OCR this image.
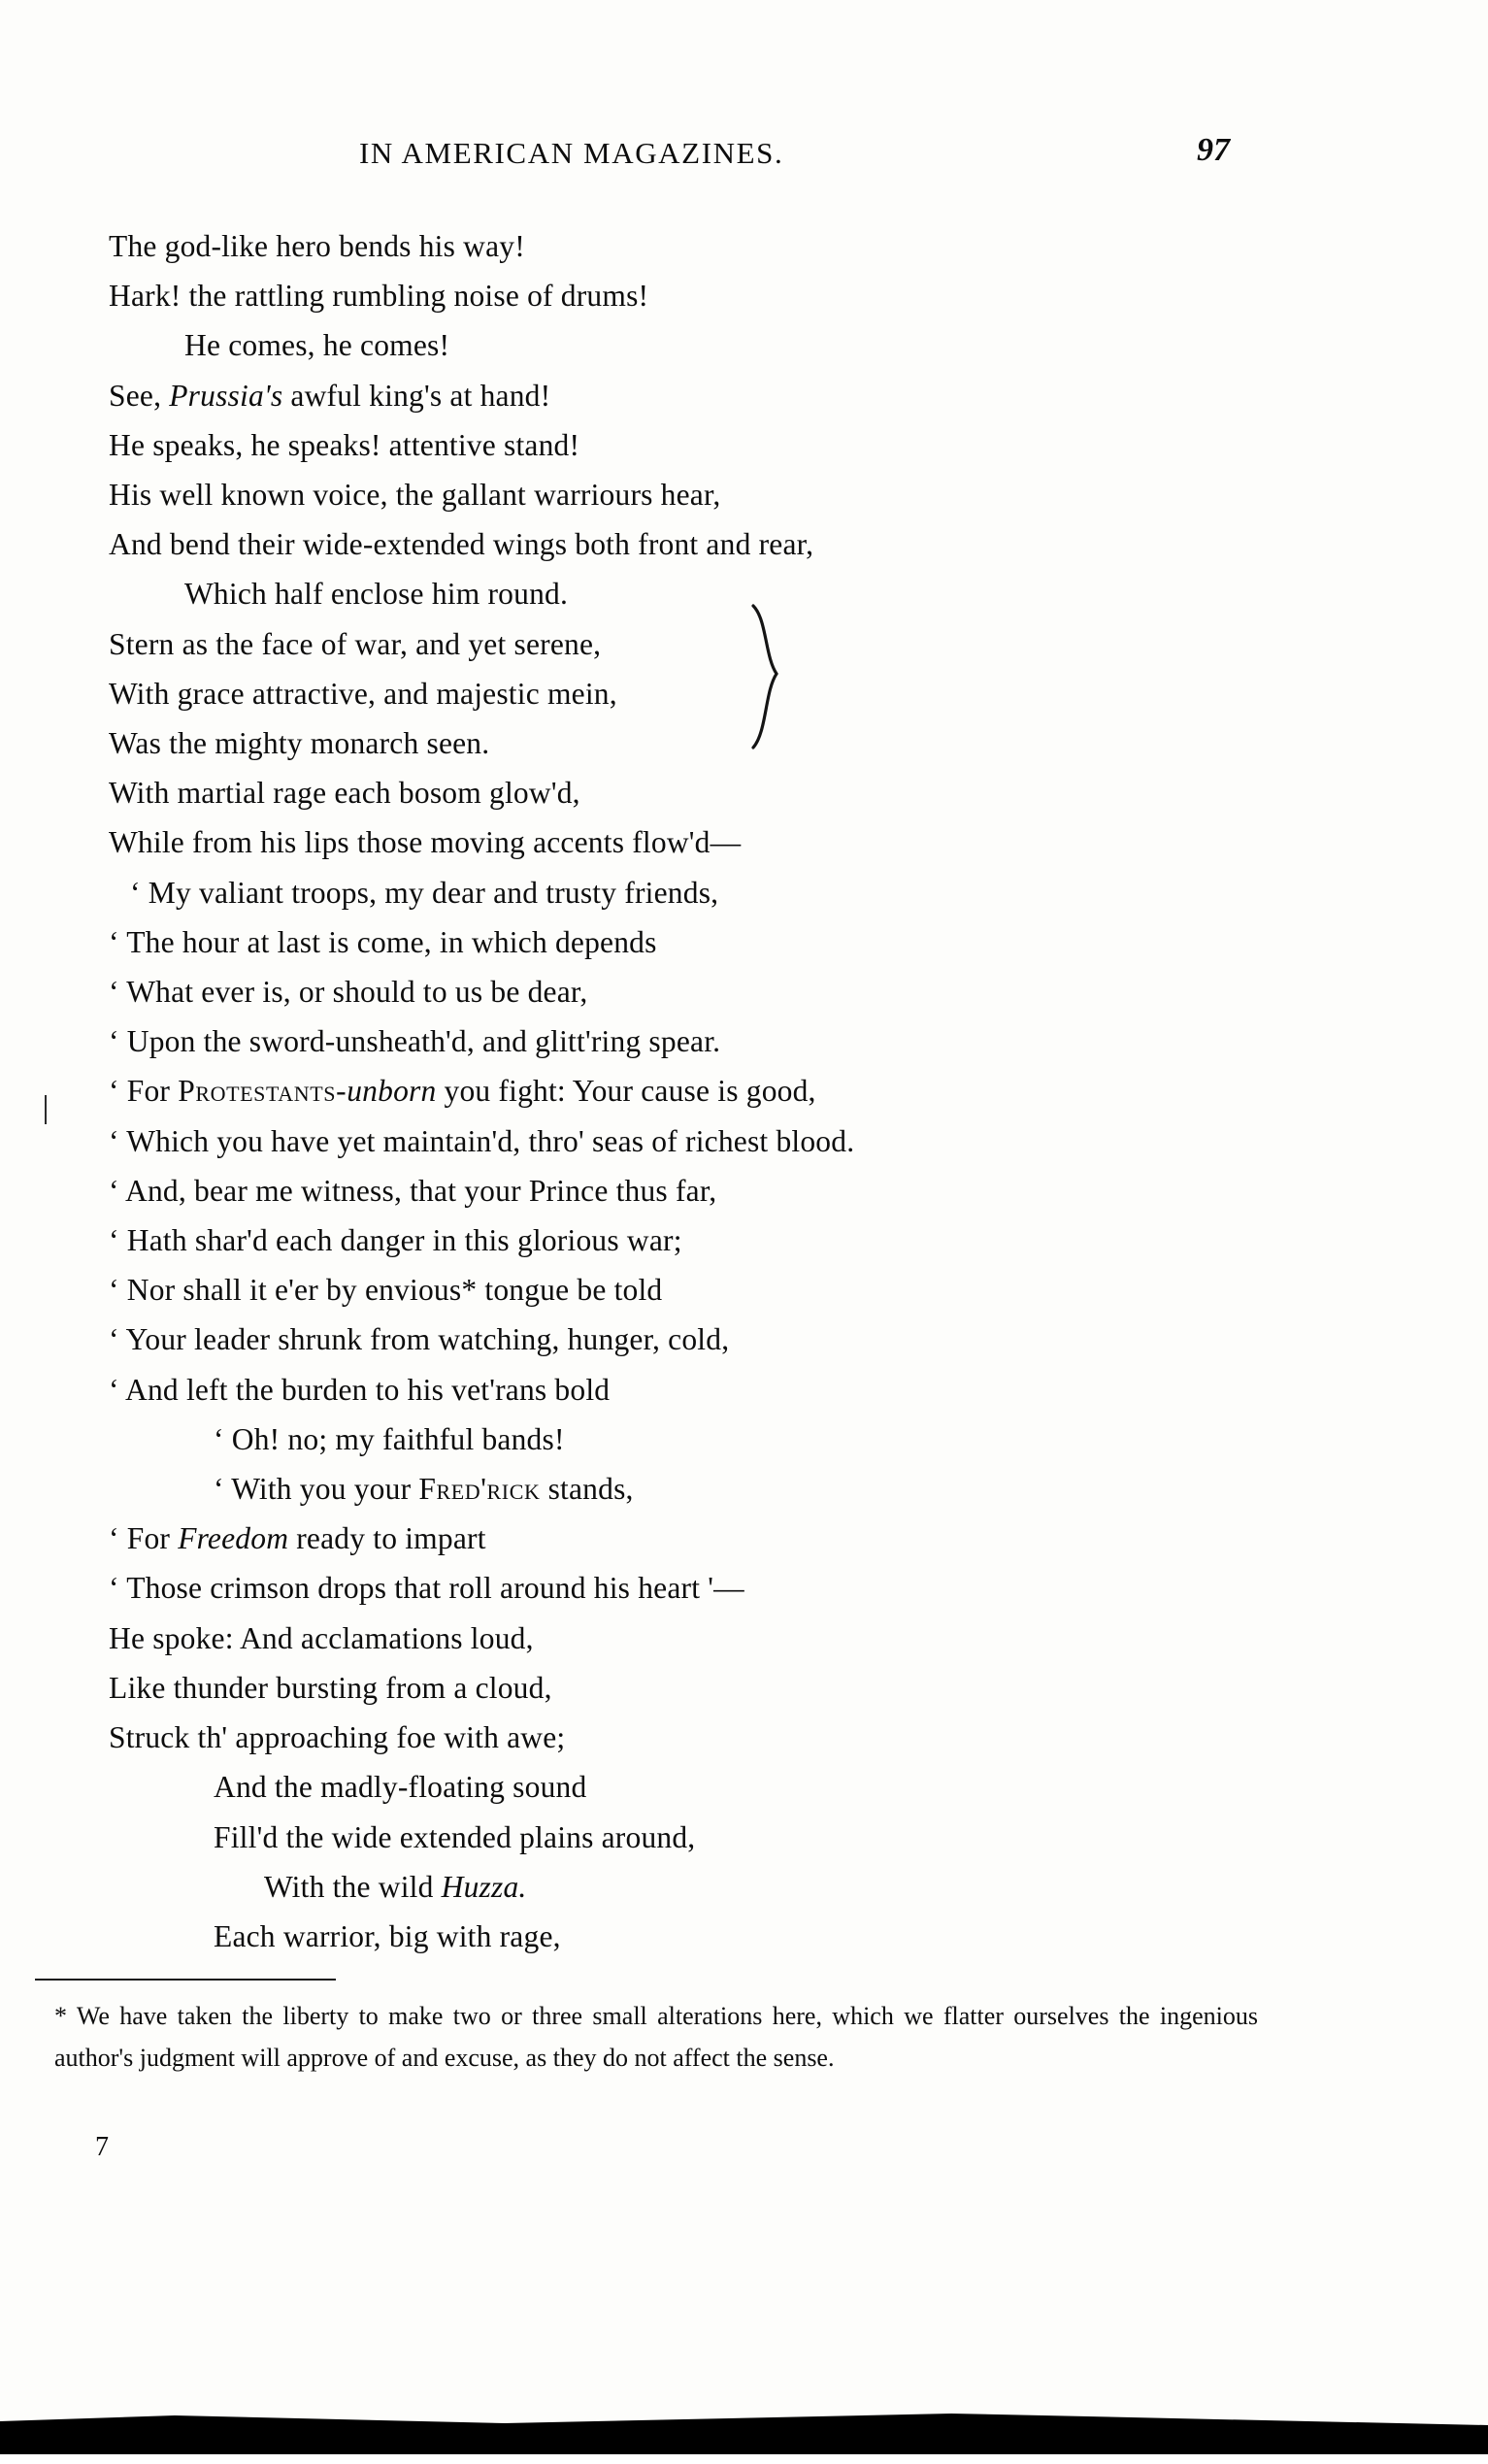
IN AMERICAN MAGAZINES.	97
The god-like hero bends his way!
Hark! the rattling rumbling noise of drums!
He comes, he comes!
See, Prussia's awful king's at hand!
He speaks, he speaks! attentive stand!
His well known voice, the gallant warriours hear,
And bend their wide-extended wings both front and rear,
Which half enclose him round.
Stern as the face of war, and yet serene,
With grace attractive, and majestic mein,
Was the mighty monarch seen.
With martial rage each bosom glow'd,
While from his lips those moving accents flow'd—
‘ My valiant troops, my dear and trusty friends,
‘ The hour at last is come, in which depends
‘ What ever is, or should to us be dear,
‘ Upon the sword-unsheath'd, and glitt'ring spear.
‘ For Protestants-unborn you fight: Your cause is good,
‘ Which you have yet maintain'd, thro' seas of richest blood.
‘ And, bear me witness, that your Prince thus far,
‘ Hath shar'd each danger in this glorious war;
‘ Nor shall it e'er by envious* tongue be told
‘ Your leader shrunk from watching, hunger, cold,
‘ And left the burden to his vet'rans bold
‘ Oh! no; my faithful bands!
‘ With you your Fred'rick stands,
‘ For Freedom ready to impart
‘ Those crimson drops that roll around his heart '—
He spoke: And acclamations loud,
Like thunder bursting from a cloud,
Struck th' approaching foe with awe;
And the madly-floating sound
Fill'd the wide extended plains around,
With the wild Huzza.
Each warrior, big with rage,
* We have taken the liberty to make two or three small alterations here, which we flatter ourselves the ingenious author's judgment will approve of and excuse, as they do not affect the sense.
7
